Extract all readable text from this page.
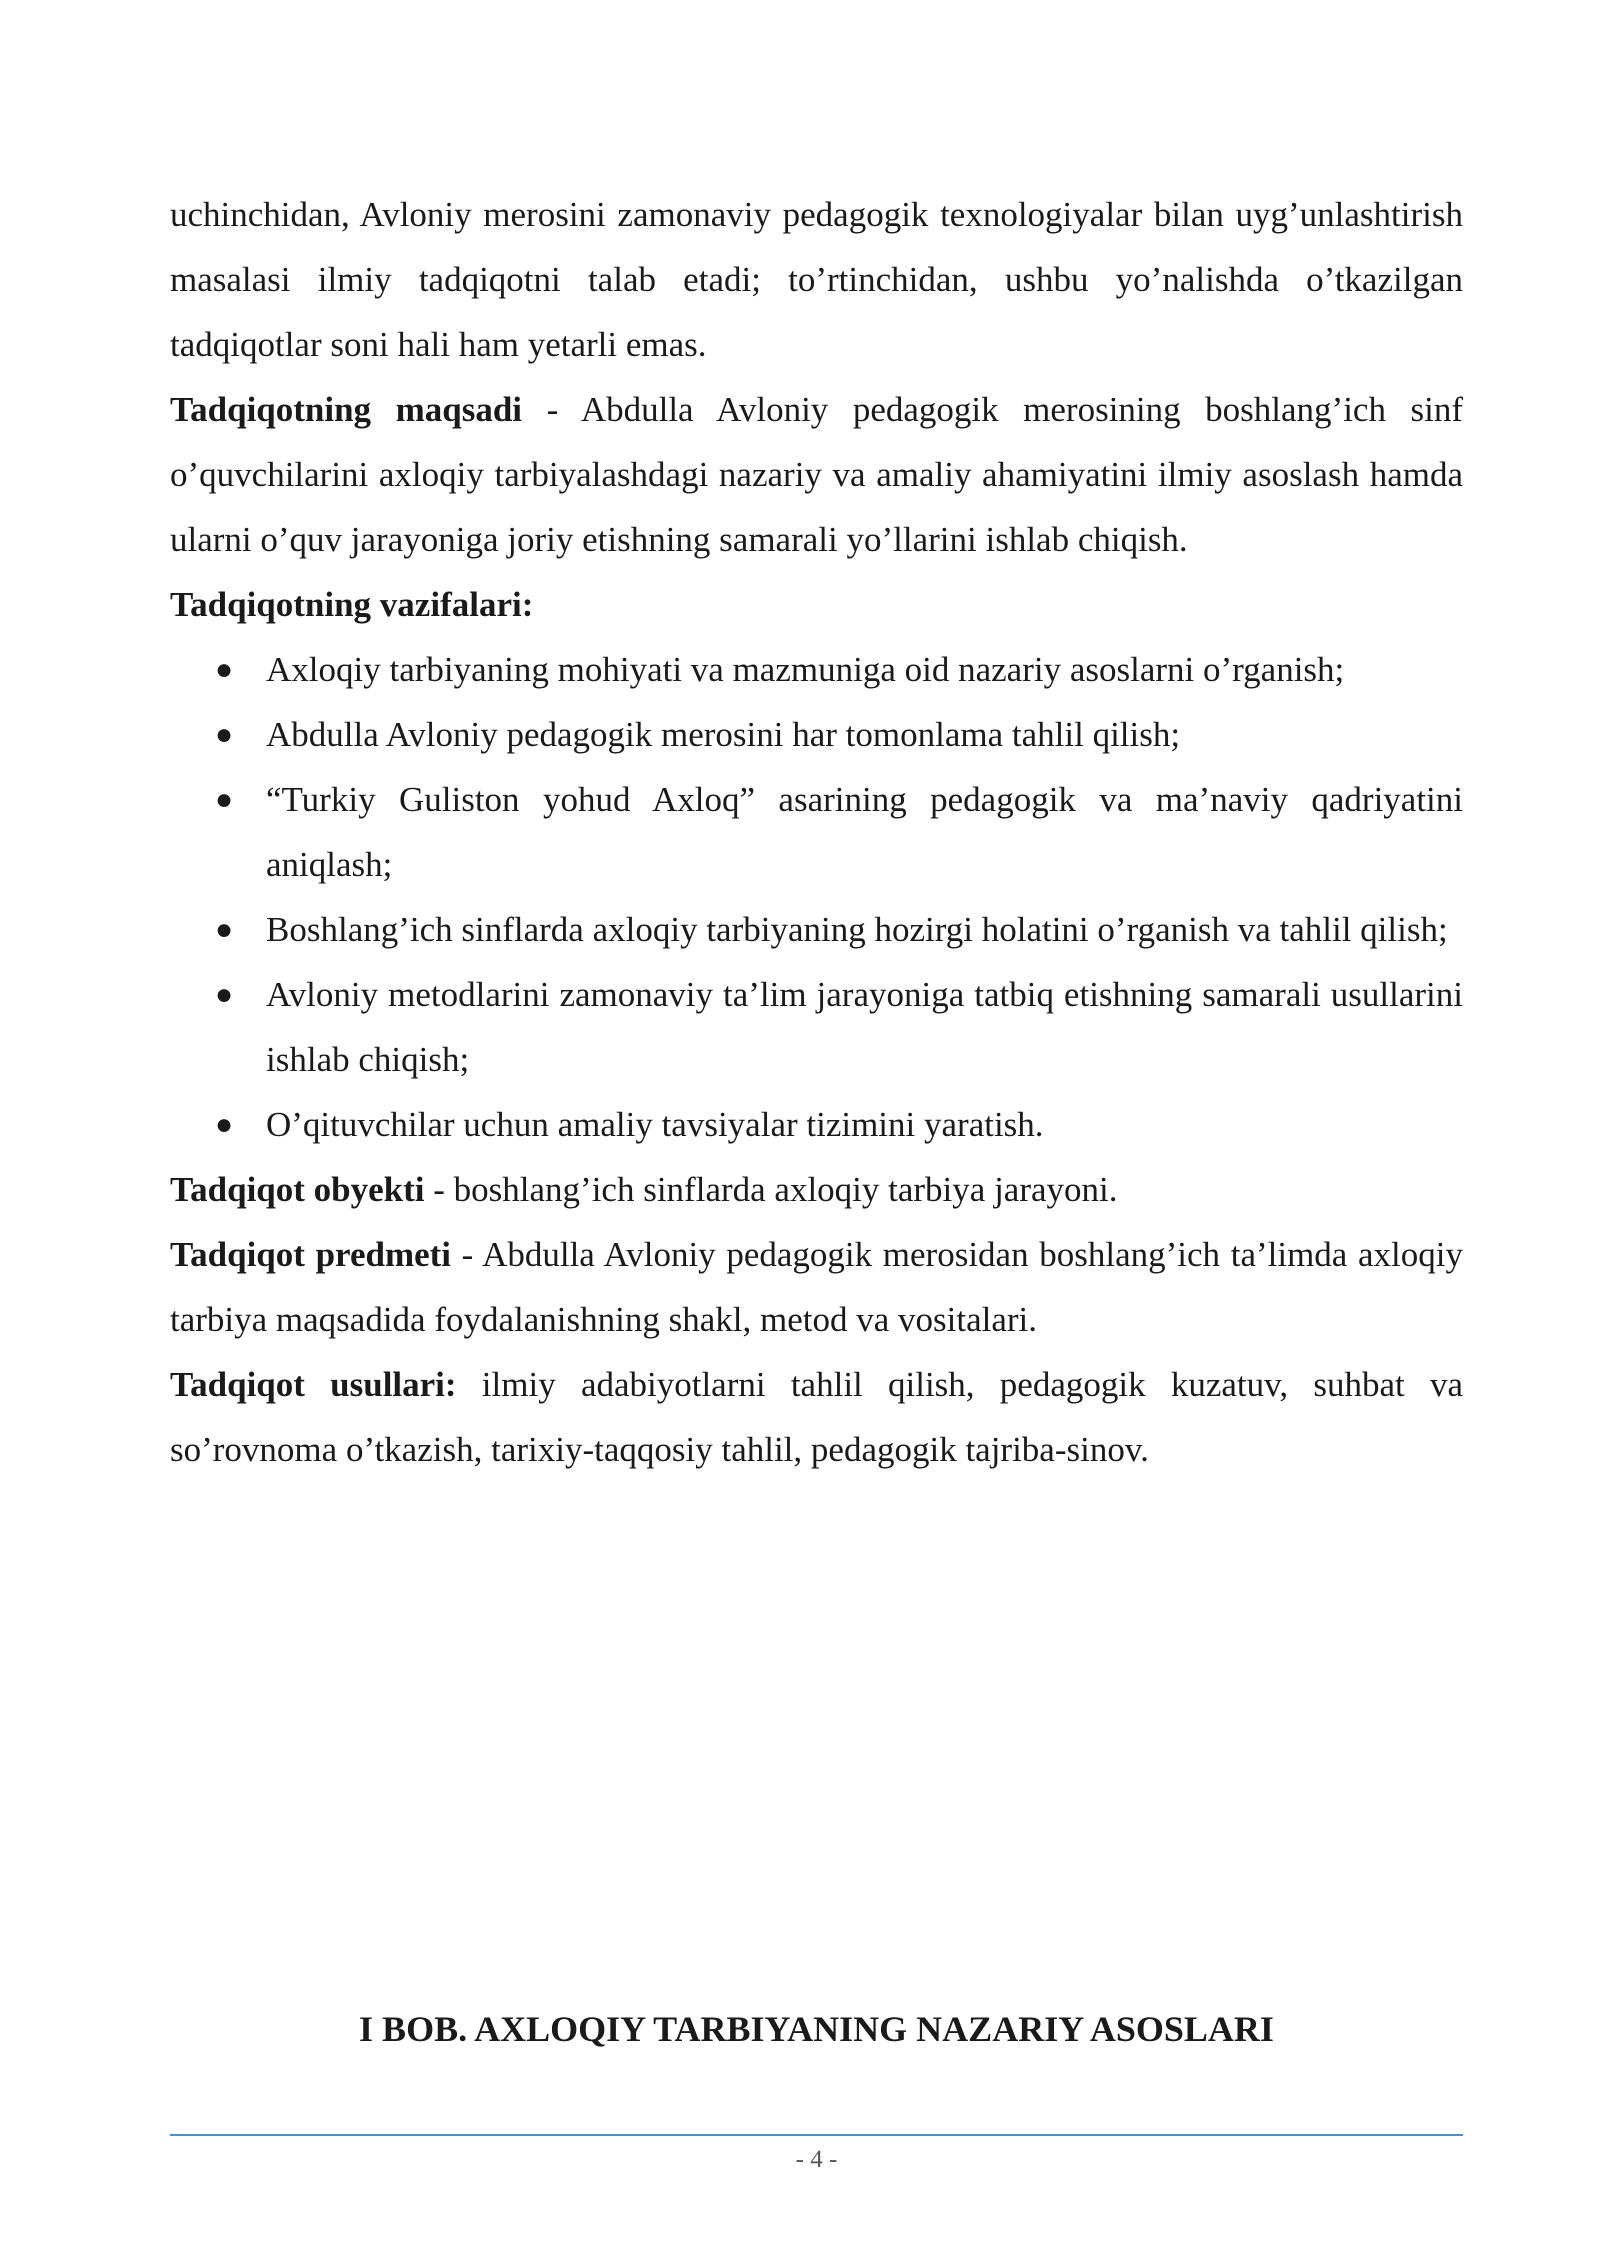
uchinchidan, Avloniy merosini zamonaviy pedagogik texnologiyalar bilan uyg’unlashtirish masalasi ilmiy tadqiqotni talab etadi; to’rtinchidan, ushbu yo’nalishda o’tkazilgan tadqiqotlar soni hali ham yetarli emas.

Tadqiqotning maqsadi - Abdulla Avloniy pedagogik merosining boshlang’ich sinf o’quvchilarini axloqiy tarbiyalashdagi nazariy va amaliy ahamiyatini ilmiy asoslash hamda ularni o’quv jarayoniga joriy etishning samarali yo’llarini ishlab chiqish.

Tadqiqotning vazifalari:

● Axloqiy tarbiyaning mohiyati va mazmuniga oid nazariy asoslarni o’rganish;
● Abdulla Avloniy pedagogik merosini har tomonlama tahlil qilish;
● “Turkiy Guliston yohud Axloq” asarining pedagogik va ma’naviy qadriyatini aniqlash;
● Boshlang’ich sinflarda axloqiy tarbiyaning hozirgi holatini o’rganish va tahlil qilish;
● Avloniy metodlarini zamonaviy ta’lim jarayoniga tatbiq etishning samarali usullarini ishlab chiqish;
● O’qituvchilar uchun amaliy tavsiyalar tizimini yaratish.

Tadqiqot obyekti - boshlang’ich sinflarda axloqiy tarbiya jarayoni.

Tadqiqot predmeti - Abdulla Avloniy pedagogik merosidan boshlang’ich ta’limda axloqiy tarbiya maqsadida foydalanishning shakl, metod va vositalari.

Tadqiqot usullari: ilmiy adabiyotlarni tahlil qilish, pedagogik kuzatuv, suhbat va so’rovnoma o’tkazish, tarixiy-taqqosiy tahlil, pedagogik tajriba-sinov.

I BOB. AXLOQIY TARBIYANING NAZARIY ASOSLARI
- 4 -
